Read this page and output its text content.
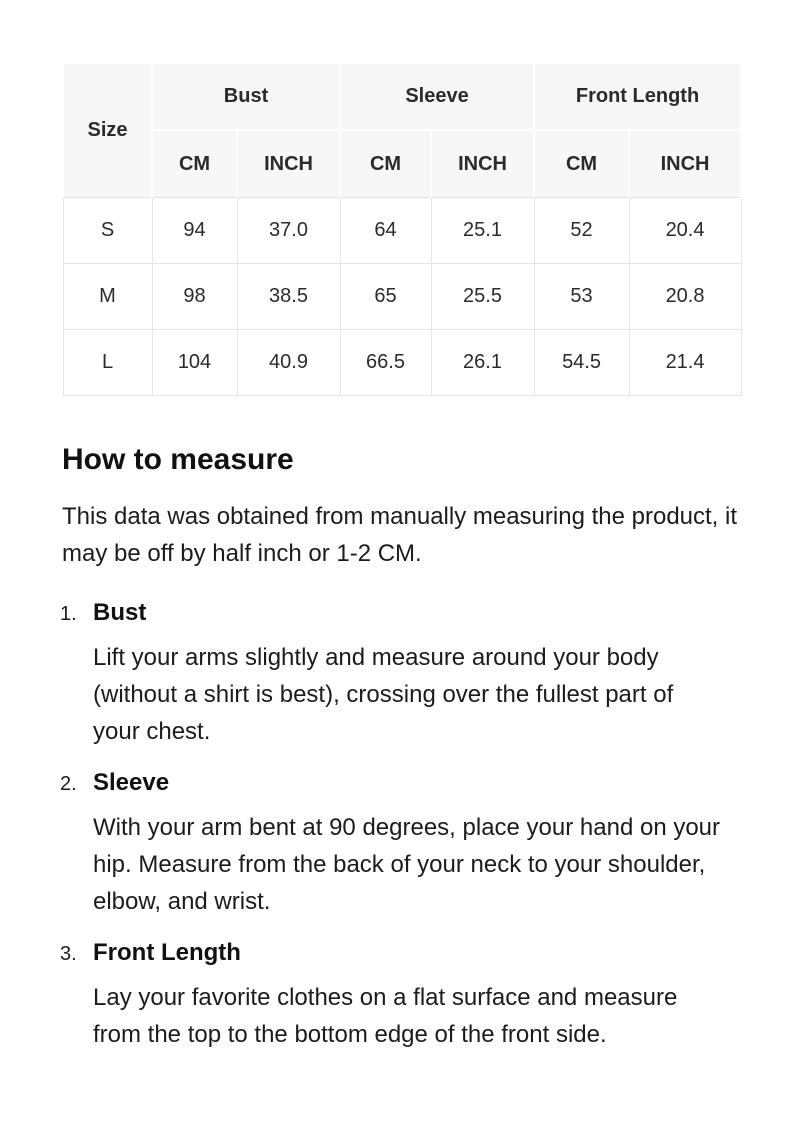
Size	Bust		Sleeve		Front Length	
	CM	INCH	CM	INCH	CM	INCH
S	94	37.0	64	25.1	52	20.4
M	98	38.5	65	25.5	53	20.8
L	104	40.9	66.5	26.1	54.5	21.4
How to measure

This data was obtained from manually measuring the product, it may be off by half inch or 1-2 CM.

1. Bust
Lift your arms slightly and measure around your body (without a shirt is best), crossing over the fullest part of your chest.
2. Sleeve
With your arm bent at 90 degrees, place your hand on your hip. Measure from the back of your neck to your shoulder, elbow, and wrist.
3. Front Length
Lay your favorite clothes on a flat surface and measure from the top to the bottom edge of the front side.
